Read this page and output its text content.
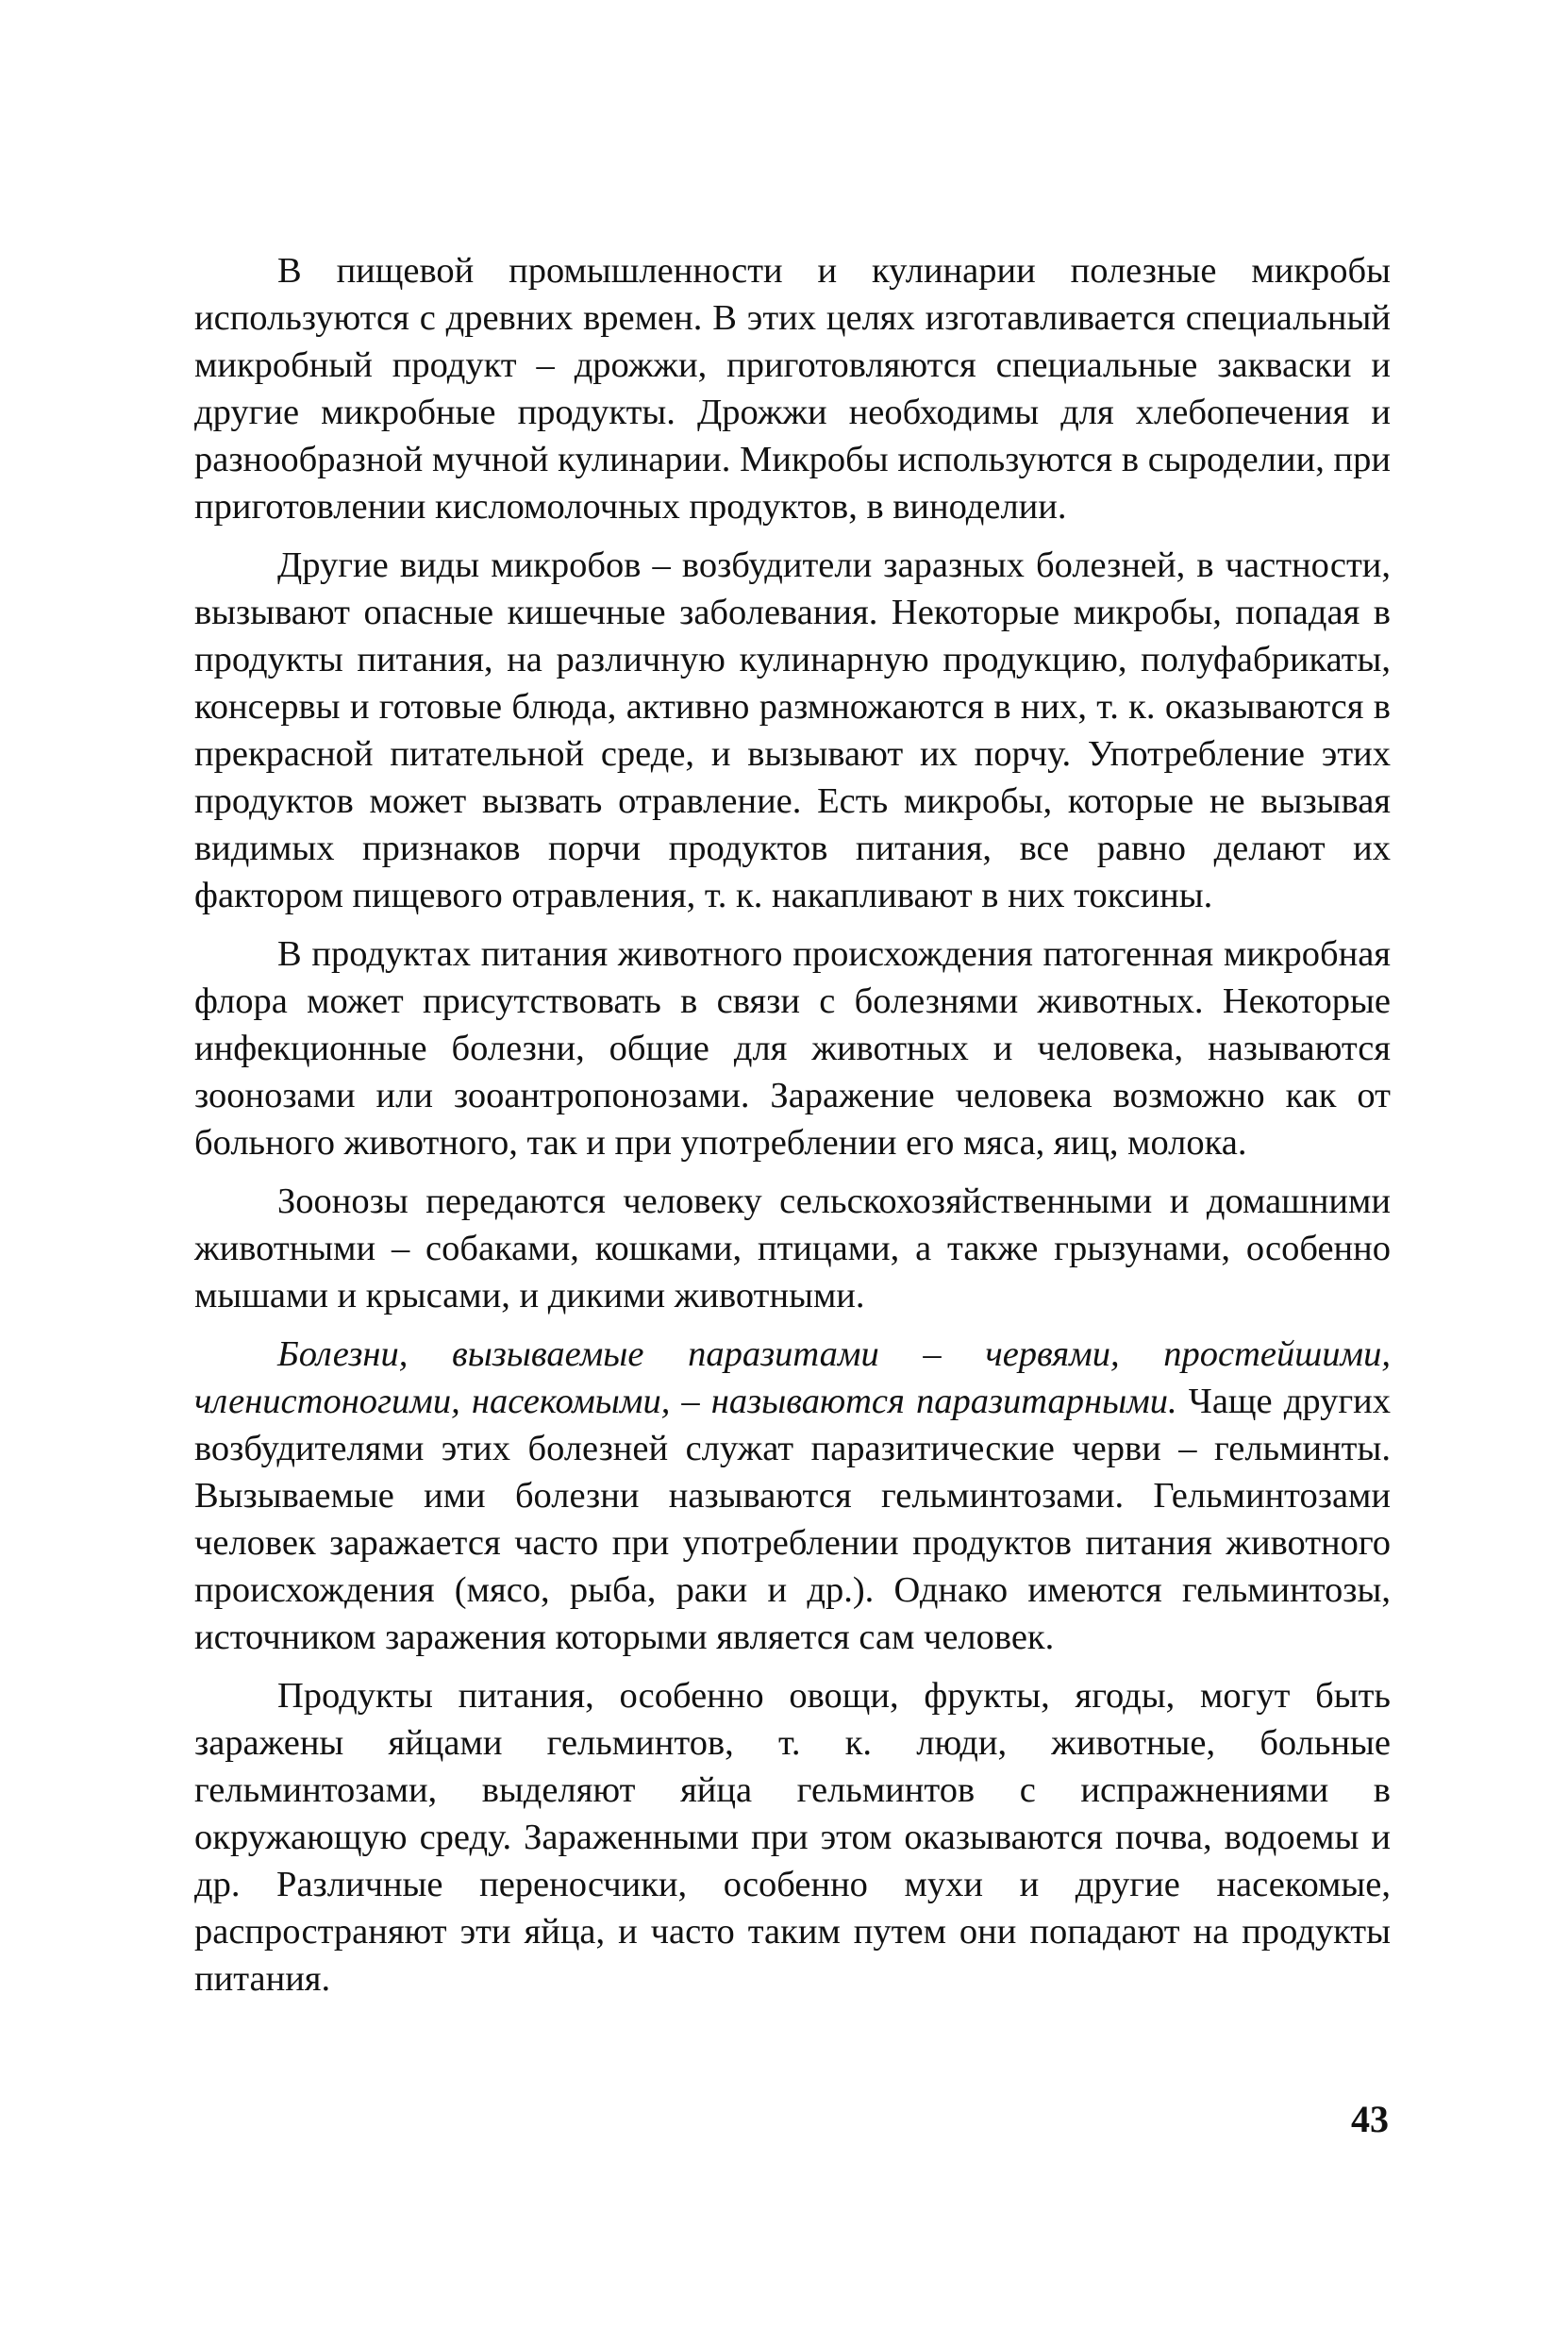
В пищевой промышленности и кулинарии полезные микробы используются с древних времен. В этих целях изготавливается специальный микробный продукт – дрожжи, приготовляются специальные закваски и другие микробные продукты. Дрожжи необходимы для хлебопечения и разнообразной мучной кулинарии. Микробы используются в сыроделии, при приготовлении кисломолочных продуктов, в виноделии.

Другие виды микробов – возбудители заразных болезней, в частности, вызывают опасные кишечные заболевания. Некоторые микробы, попадая в продукты питания, на различную кулинарную продукцию, полуфабрикаты, консервы и готовые блюда, активно размножаются в них, т. к. оказываются в прекрасной питательной среде, и вызывают их порчу. Употребление этих продуктов может вызвать отравление. Есть микробы, которые не вызывая видимых признаков порчи продуктов питания, все равно делают их фактором пищевого отравления, т. к. накапливают в них токсины.

В продуктах питания животного происхождения патогенная микробная флора может присутствовать в связи с болезнями животных. Некоторые инфекционные болезни, общие для животных и человека, называются зоонозами или зооантропонозами. Заражение человека возможно как от больного животного, так и при употреблении его мяса, яиц, молока.

Зоонозы передаются человеку сельскохозяйственными и домашними животными – собаками, кошками, птицами, а также грызунами, особенно мышами и крысами, и дикими животными.

Болезни, вызываемые паразитами – червями, простейшими, членистоногими, насекомыми, – называются паразитарными. Чаще других возбудителями этих болезней служат паразитические черви – гельминты. Вызываемые ими болезни называются гельминтозами. Гельминтозами человек заражается часто при употреблении продуктов питания животного происхождения (мясо, рыба, раки и др.). Однако имеются гельминтозы, источником заражения которыми является сам человек.

Продукты питания, особенно овощи, фрукты, ягоды, могут быть заражены яйцами гельминтов, т. к. люди, животные, больные гельминтозами, выделяют яйца гельминтов с испражнениями в окружающую среду. Зараженными при этом оказываются почва, водоемы и др. Различные переносчики, особенно мухи и другие насекомые, распространяют эти яйца, и часто таким путем они попадают на продукты питания.

43
